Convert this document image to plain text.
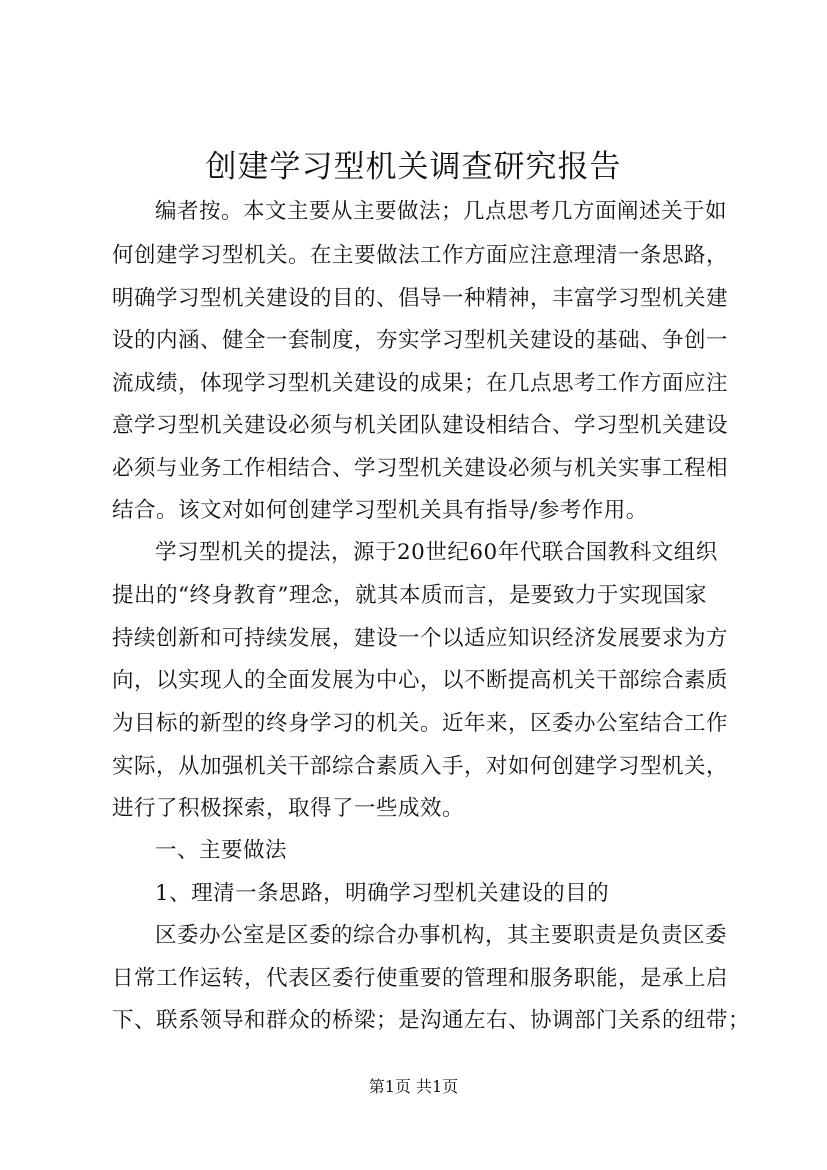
创建学习型机关调查研究报告
编者按。本文主要从主要做法；几点思考几方面阐述关于如
何创建学习型机关。在主要做法工作方面应注意理清一条思路，
明确学习型机关建设的目的、倡导一种精神，丰富学习型机关建
设的内涵、健全一套制度，夯实学习型机关建设的基础、争创一
流成绩，体现学习型机关建设的成果；在几点思考工作方面应注
意学习型机关建设必须与机关团队建设相结合、学习型机关建设
必须与业务工作相结合、学习型机关建设必须与机关实事工程相
结合。该文对如何创建学习型机关具有指导/参考作用。
学习型机关的提法，源于20世纪60年代联合国教科文组织
提出的“终身教育”理念，就其本质而言，是要致力于实现国家
持续创新和可持续发展，建设一个以适应知识经济发展要求为方
向，以实现人的全面发展为中心，以不断提高机关干部综合素质
为目标的新型的终身学习的机关。近年来，区委办公室结合工作
实际，从加强机关干部综合素质入手，对如何创建学习型机关，
进行了积极探索，取得了一些成效。
一、主要做法
1、理清一条思路，明确学习型机关建设的目的
区委办公室是区委的综合办事机构，其主要职责是负责区委
日常工作运转，代表区委行使重要的管理和服务职能，是承上启
下、联系领导和群众的桥梁；是沟通左右、协调部门关系的纽带；
第1页 共1页
